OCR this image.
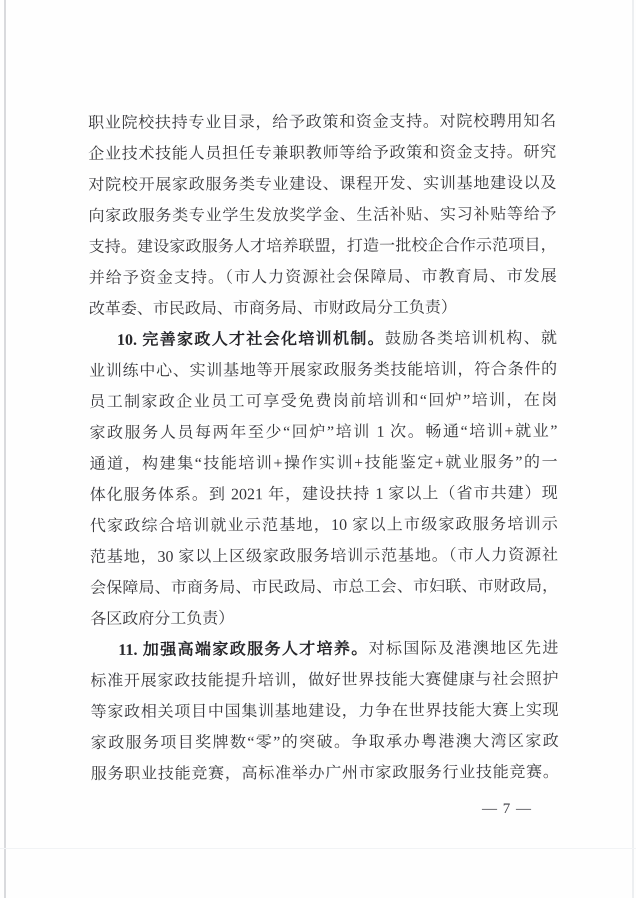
职业院校扶持专业目录，给予政策和资金支持。对院校聘用知名
企业技术技能人员担任专兼职教师等给予政策和资金支持。研究
对院校开展家政服务类专业建设、课程开发、实训基地建设以及
向家政服务类专业学生发放奖学金、生活补贴、实习补贴等给予
支持。建设家政服务人才培养联盟，打造一批校企合作示范项目，
并给予资金支持。（市人力资源社会保障局、市教育局、市发展
改革委、市民政局、市商务局、市财政局分工负责）
10. 完善家政人才社会化培训机制。鼓励各类培训机构、就
业训练中心、实训基地等开展家政服务类技能培训，符合条件的
员工制家政企业员工可享受免费岗前培训和“回炉”培训，在岗
家政服务人员每两年至少“回炉”培训 1 次。畅通“培训+就业”
通道，构建集“技能培训+操作实训+技能鉴定+就业服务”的一
体化服务体系。到 2021 年，建设扶持 1 家以上（省市共建）现
代家政综合培训就业示范基地，10 家以上市级家政服务培训示
范基地，30 家以上区级家政服务培训示范基地。（市人力资源社
会保障局、市商务局、市民政局、市总工会、市妇联、市财政局，
各区政府分工负责）
11. 加强高端家政服务人才培养。对标国际及港澳地区先进
标准开展家政技能提升培训，做好世界技能大赛健康与社会照护
等家政相关项目中国集训基地建设，力争在世界技能大赛上实现
家政服务项目奖牌数“零”的突破。争取承办粤港澳大湾区家政
服务职业技能竞赛，高标准举办广州市家政服务行业技能竞赛。
— 7 —
